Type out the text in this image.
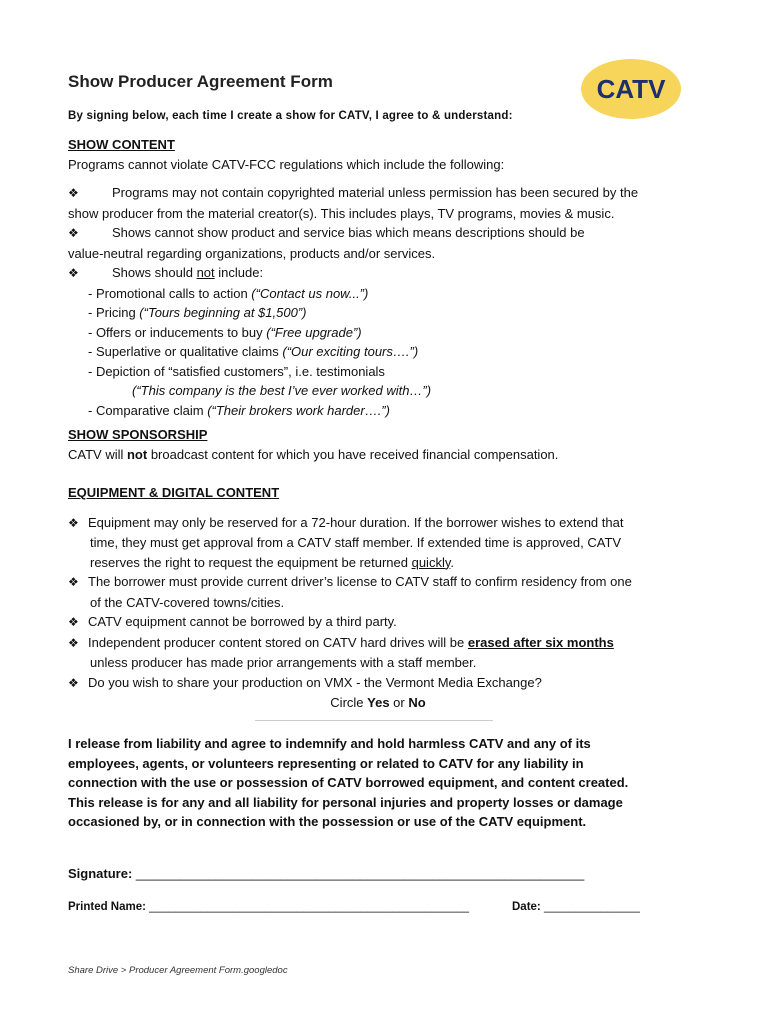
Show Producer Agreement Form	CATV
By signing below, each time I create a show for CATV, I agree to & understand:
SHOW CONTENT
Programs cannot violate CATV-FCC regulations which include the following:
❖	Programs may not contain copyrighted material unless permission has been secured by the
show producer from the material creator(s). This includes plays, TV programs, movies & music.
❖	Shows cannot show product and service bias which means descriptions should be
value-neutral regarding organizations, products and/or services.
❖	Shows should not include:
- Promotional calls to action (“Contact us now...”)
- Pricing (“Tours beginning at $1,500”)
- Offers or inducements to buy (“Free upgrade”)
- Superlative or qualitative claims (“Our exciting tours….”)
- Depiction of “satisfied customers”, i.e. testimonials
(“This company is the best I’ve ever worked with…”)
- Comparative claim (“Their brokers work harder….”)
SHOW SPONSORSHIP
CATV will not broadcast content for which you have received financial compensation.
EQUIPMENT & DIGITAL CONTENT
❖ Equipment may only be reserved for a 72-hour duration. If the borrower wishes to extend that
time, they must get approval from a CATV staff member. If extended time is approved, CATV
reserves the right to request the equipment be returned quickly.
❖ The borrower must provide current driver’s license to CATV staff to confirm residency from one
of the CATV-covered towns/cities.
❖ CATV equipment cannot be borrowed by a third party.
❖ Independent producer content stored on CATV hard drives will be erased after six months
unless producer has made prior arrangements with a staff member.
❖ Do you wish to share your production on VMX - the Vermont Media Exchange?
Circle Yes or No
I release from liability and agree to indemnify and hold harmless CATV and any of its
employees, agents, or volunteers representing or related to CATV for any liability in
connection with the use or possession of CATV borrowed equipment, and content created.
This release is for any and all liability for personal injuries and property losses or damage
occasioned by, or in connection with the possession or use of the CATV equipment.
Signature: ______________________________________________________________
Printed Name: __________________________________________________	Date: _______________
Share Drive > Producer Agreement Form.googledoc
